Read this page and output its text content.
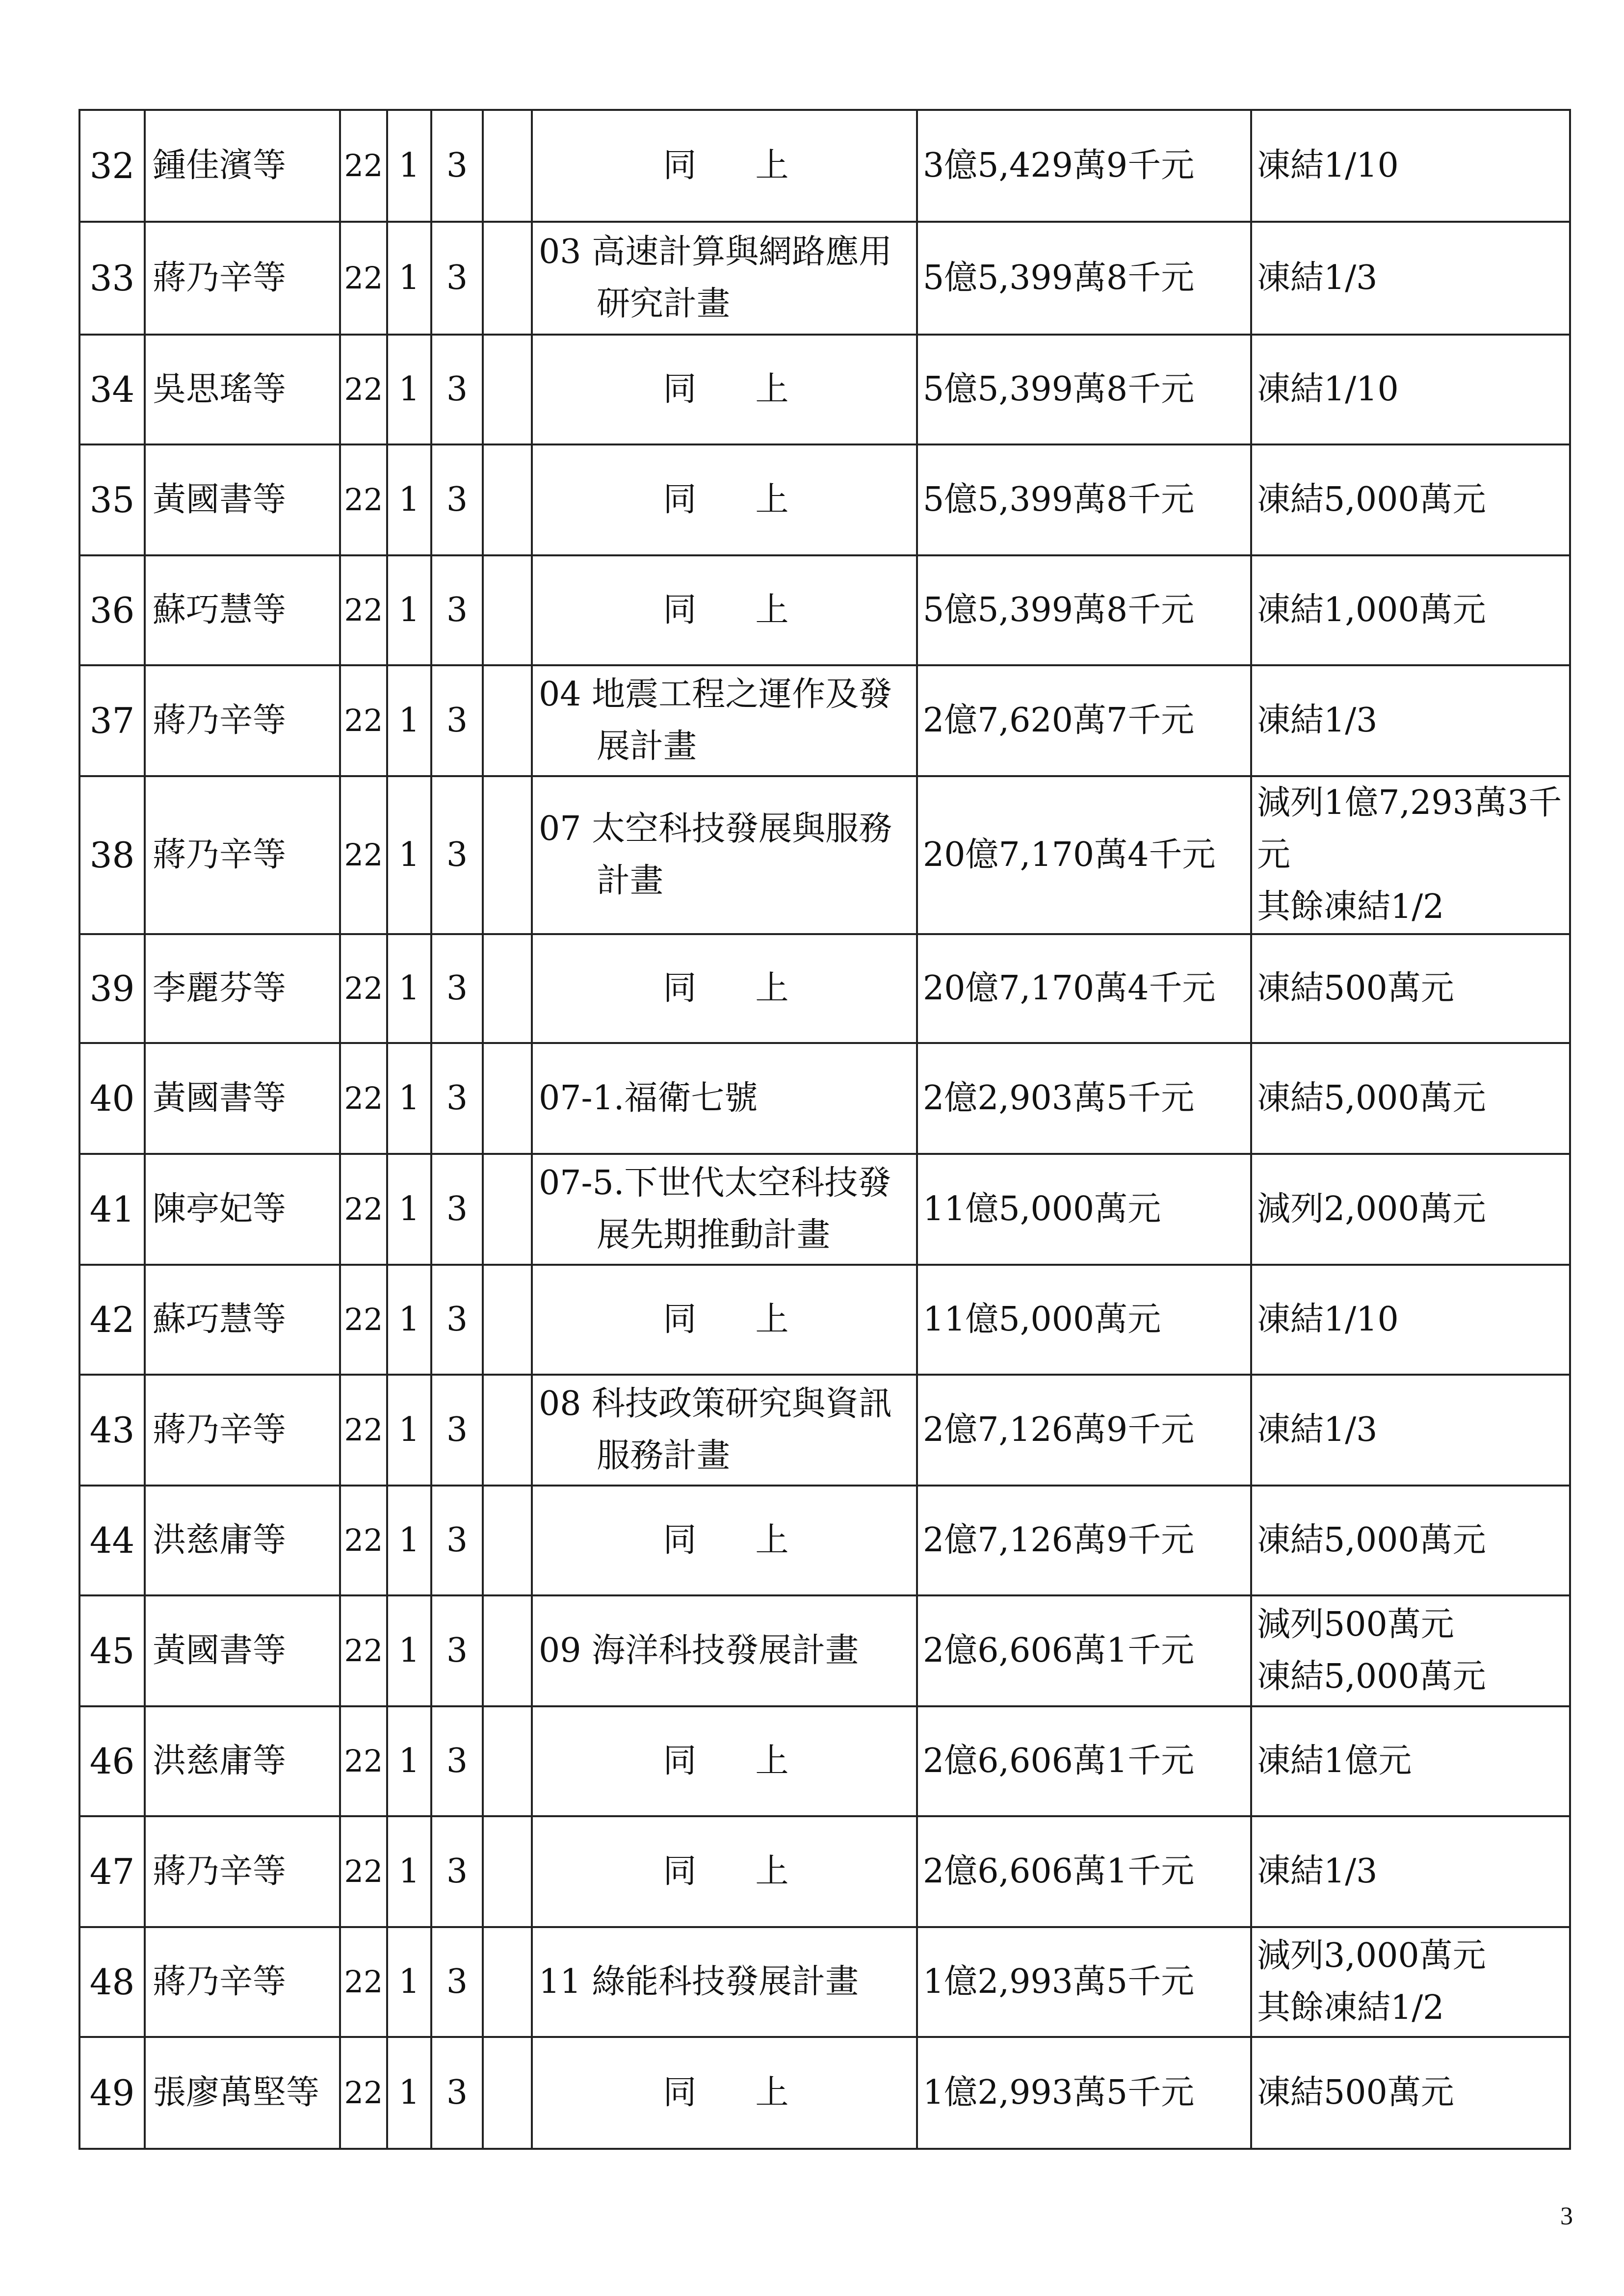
32	鍾佳濱等	22	1	3		同上	3億5,429萬9千元	凍結1/10

33	蔣乃辛等	22	1	3		03 高速計算與網路應用研究計畫	5億5,399萬8千元	凍結1/3

34	吳思瑤等	22	1	3		同上	5億5,399萬8千元	凍結1/10

35	黃國書等	22	1	3		同上	5億5,399萬8千元	凍結5,000萬元

36	蘇巧慧等	22	1	3		同上	5億5,399萬8千元	凍結1,000萬元

37	蔣乃辛等	22	1	3		04 地震工程之運作及發展計畫	2億7,620萬7千元	凍結1/3

38	蔣乃辛等	22	1	3		07 太空科技發展與服務計畫	20億7,170萬4千元	減列1億7,293萬3千元
其餘凍結1/2

39	李麗芬等	22	1	3		同上	20億7,170萬4千元	凍結500萬元

40	黃國書等	22	1	3		07-1.福衛七號	2億2,903萬5千元	凍結5,000萬元

41	陳亭妃等	22	1	3		07-5.下世代太空科技發展先期推動計畫	11億5,000萬元	減列2,000萬元

42	蘇巧慧等	22	1	3		同上	11億5,000萬元	凍結1/10

43	蔣乃辛等	22	1	3		08 科技政策研究與資訊服務計畫	2億7,126萬9千元	凍結1/3

44	洪慈庸等	22	1	3		同上	2億7,126萬9千元	凍結5,000萬元

45	黃國書等	22	1	3		09 海洋科技發展計畫	2億6,606萬1千元	減列500萬元
凍結5,000萬元

46	洪慈庸等	22	1	3		同上	2億6,606萬1千元	凍結1億元

47	蔣乃辛等	22	1	3		同上	2億6,606萬1千元	凍結1/3

48	蔣乃辛等	22	1	3		11 綠能科技發展計畫	1億2,993萬5千元	減列3,000萬元
其餘凍結1/2

49	張廖萬堅等	22	1	3		同上	1億2,993萬5千元	凍結500萬元
3
